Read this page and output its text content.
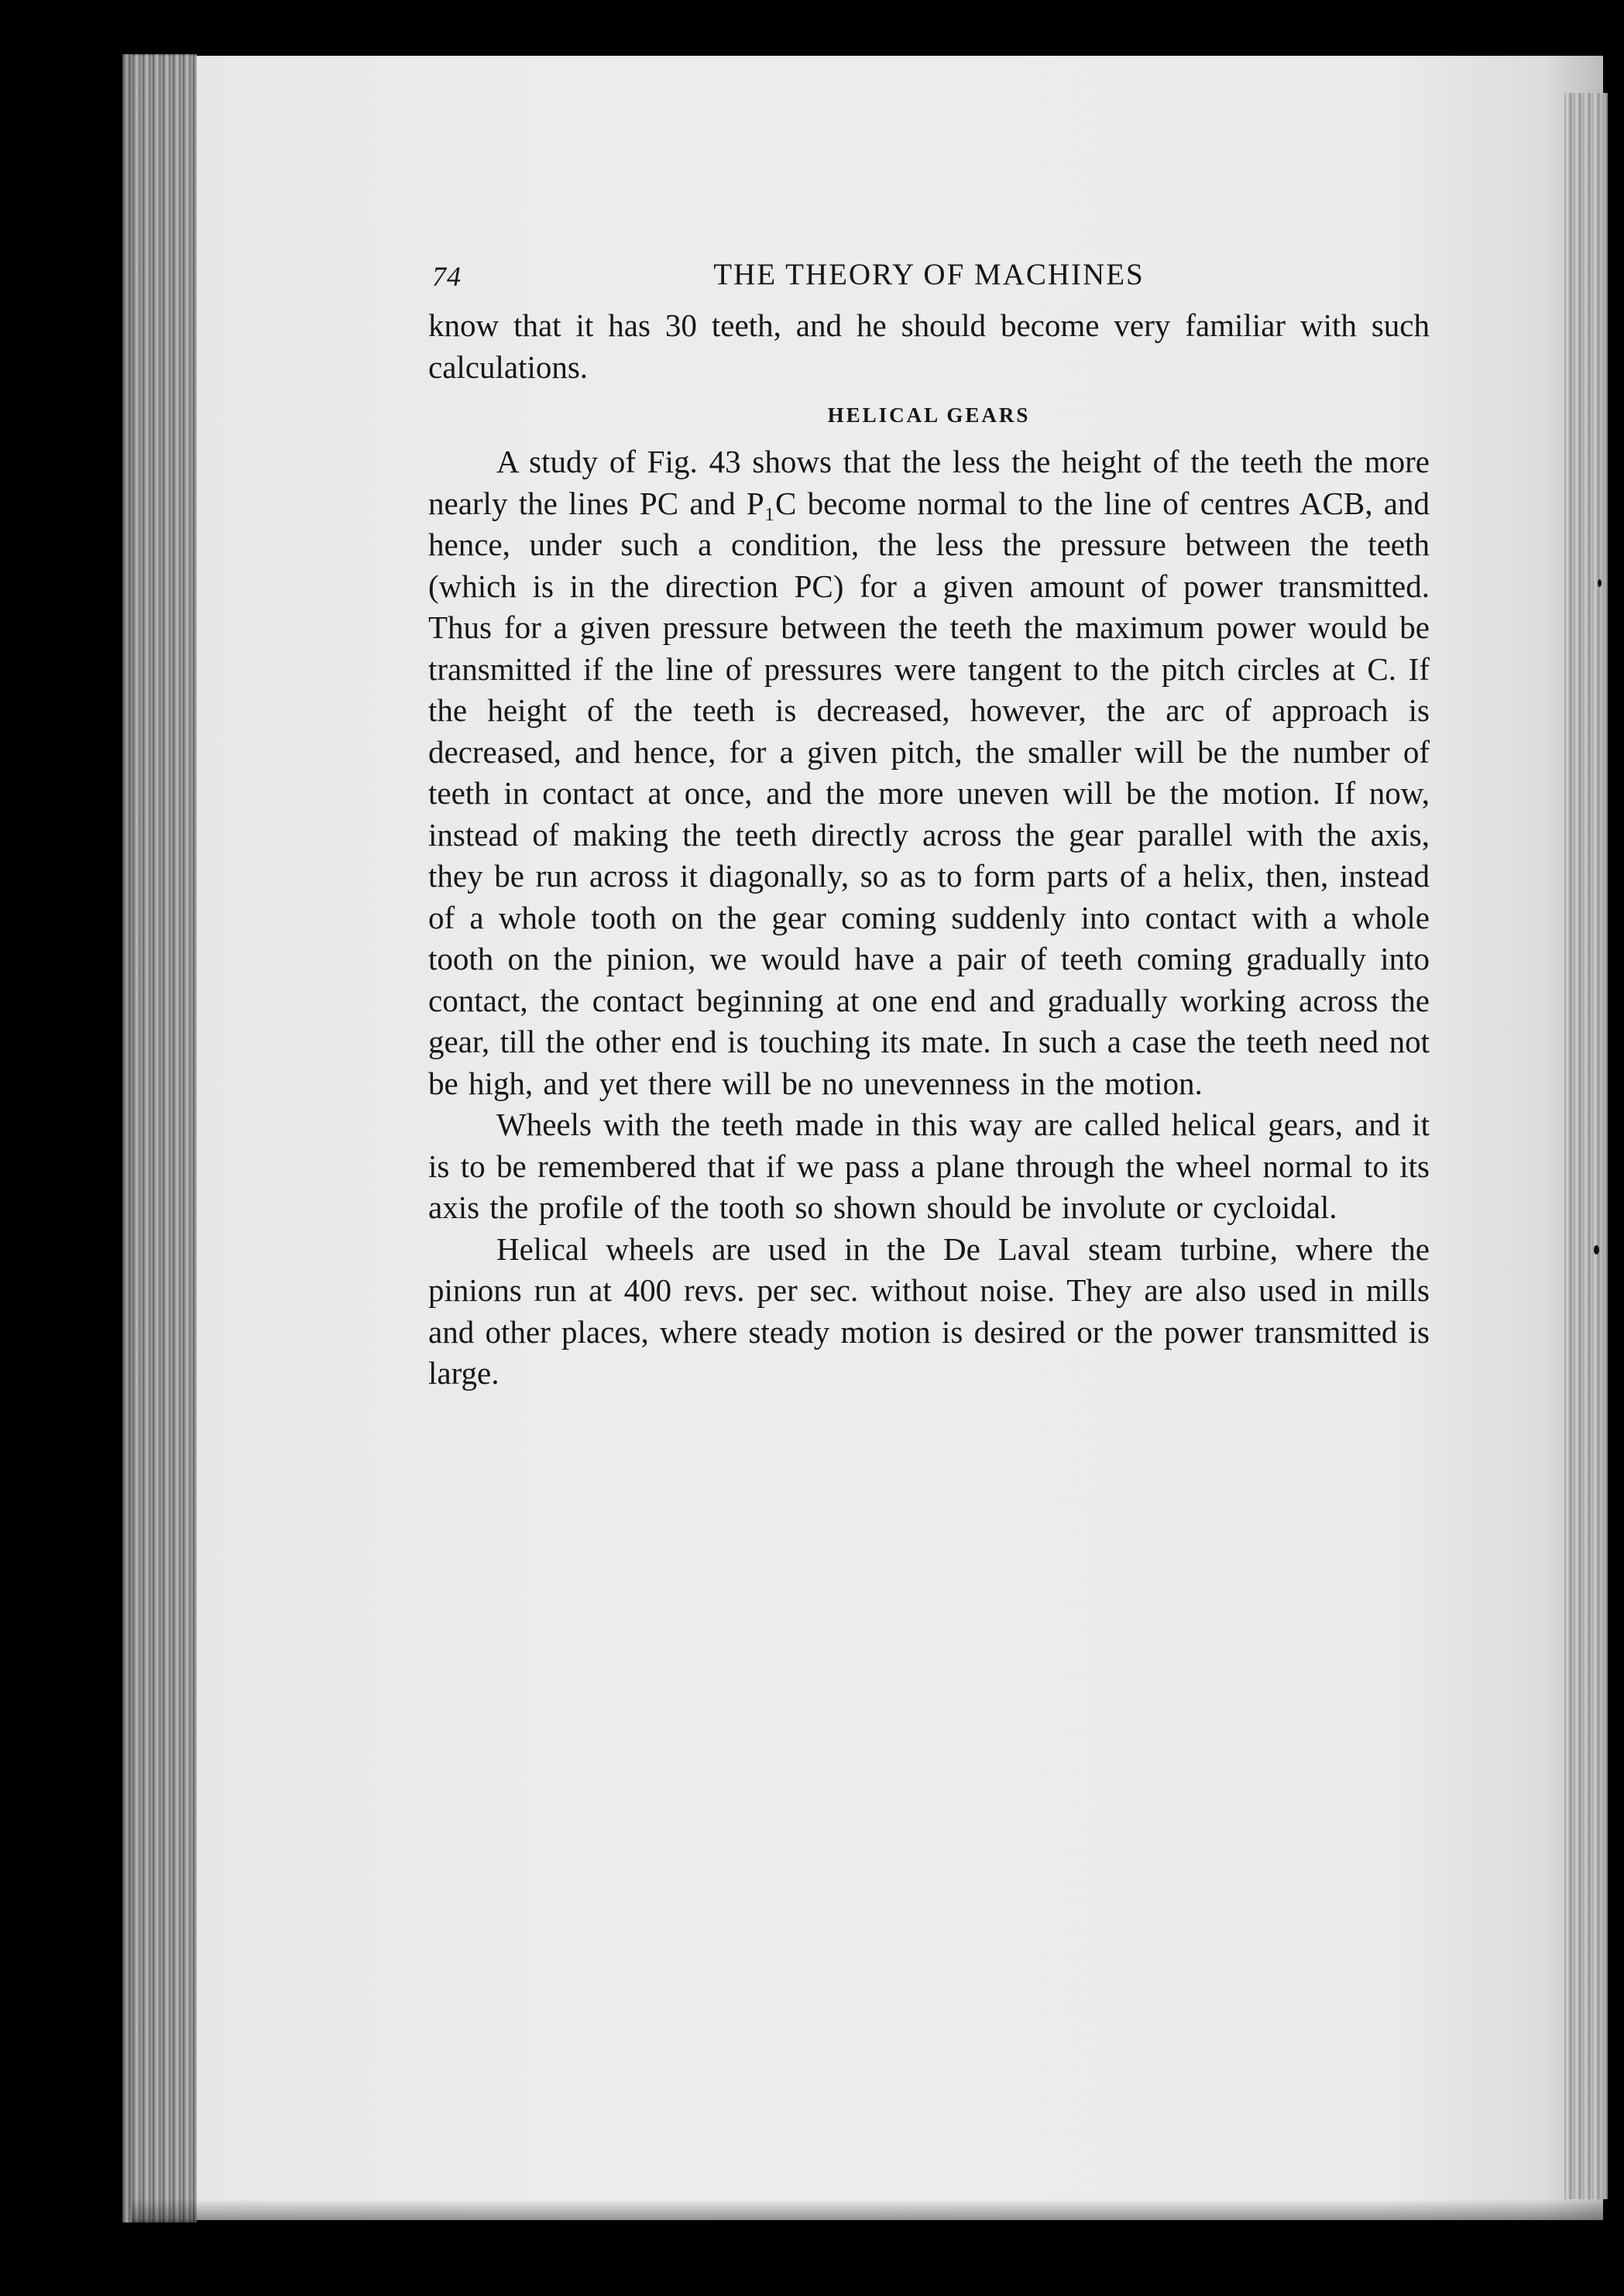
74	THE THEORY OF MACHINES

know that it has 30 teeth, and he should become very familiar with such calculations.

HELICAL GEARS

A study of Fig. 43 shows that the less the height of the teeth the more nearly the lines PC and P₁C become normal to the line of centres ACB, and hence, under such a condition, the less the pressure between the teeth (which is in the direction PC) for a given amount of power transmitted. Thus for a given pressure between the teeth the maximum power would be transmitted if the line of pressures were tangent to the pitch circles at C. If the height of the teeth is decreased, however, the arc of approach is decreased, and hence, for a given pitch, the smaller will be the number of teeth in contact at once, and the more uneven will be the motion. If now, instead of making the teeth directly across the gear parallel with the axis, they be run across it diagonally, so as to form parts of a helix, then, instead of a whole tooth on the gear coming suddenly into contact with a whole tooth on the pinion, we would have a pair of teeth coming gradually into contact, the contact beginning at one end and gradually working across the gear, till the other end is touching its mate. In such a case the teeth need not be high, and yet there will be no unevenness in the motion.

Wheels with the teeth made in this way are called helical gears, and it is to be remembered that if we pass a plane through the wheel normal to its axis the profile of the tooth so shown should be involute or cycloidal.

Helical wheels are used in the De Laval steam turbine, where the pinions run at 400 revs. per sec. without noise. They are also used in mills and other places, where steady motion is desired or the power transmitted is large.
